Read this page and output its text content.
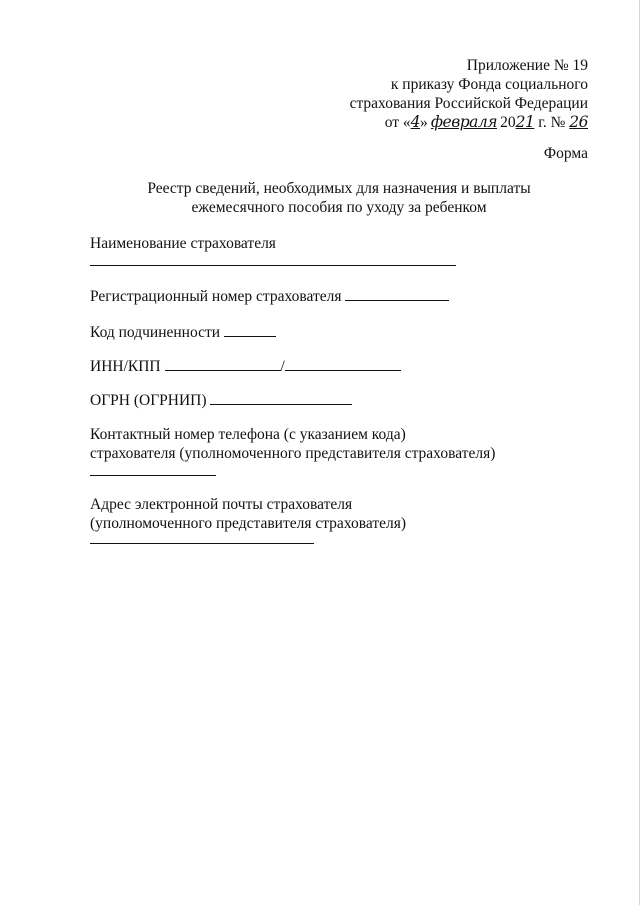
Приложение № 19
к приказу Фонда социального
страхования Российской Федерации
от «4»  февраля  2021 г. № 26
Форма
Реестр сведений, необходимых для назначения и выплаты
ежемесячного пособия по уходу за ребенком
Наименование страхователя
Регистрационный номер страхователя
Код подчиненности
ИНН/КПП	/
ОГРН (ОГРНИП)
Контактный номер телефона (с указанием кода)
страхователя (уполномоченного представителя страхователя)
Адрес электронной почты страхователя
(уполномоченного представителя страхователя)
